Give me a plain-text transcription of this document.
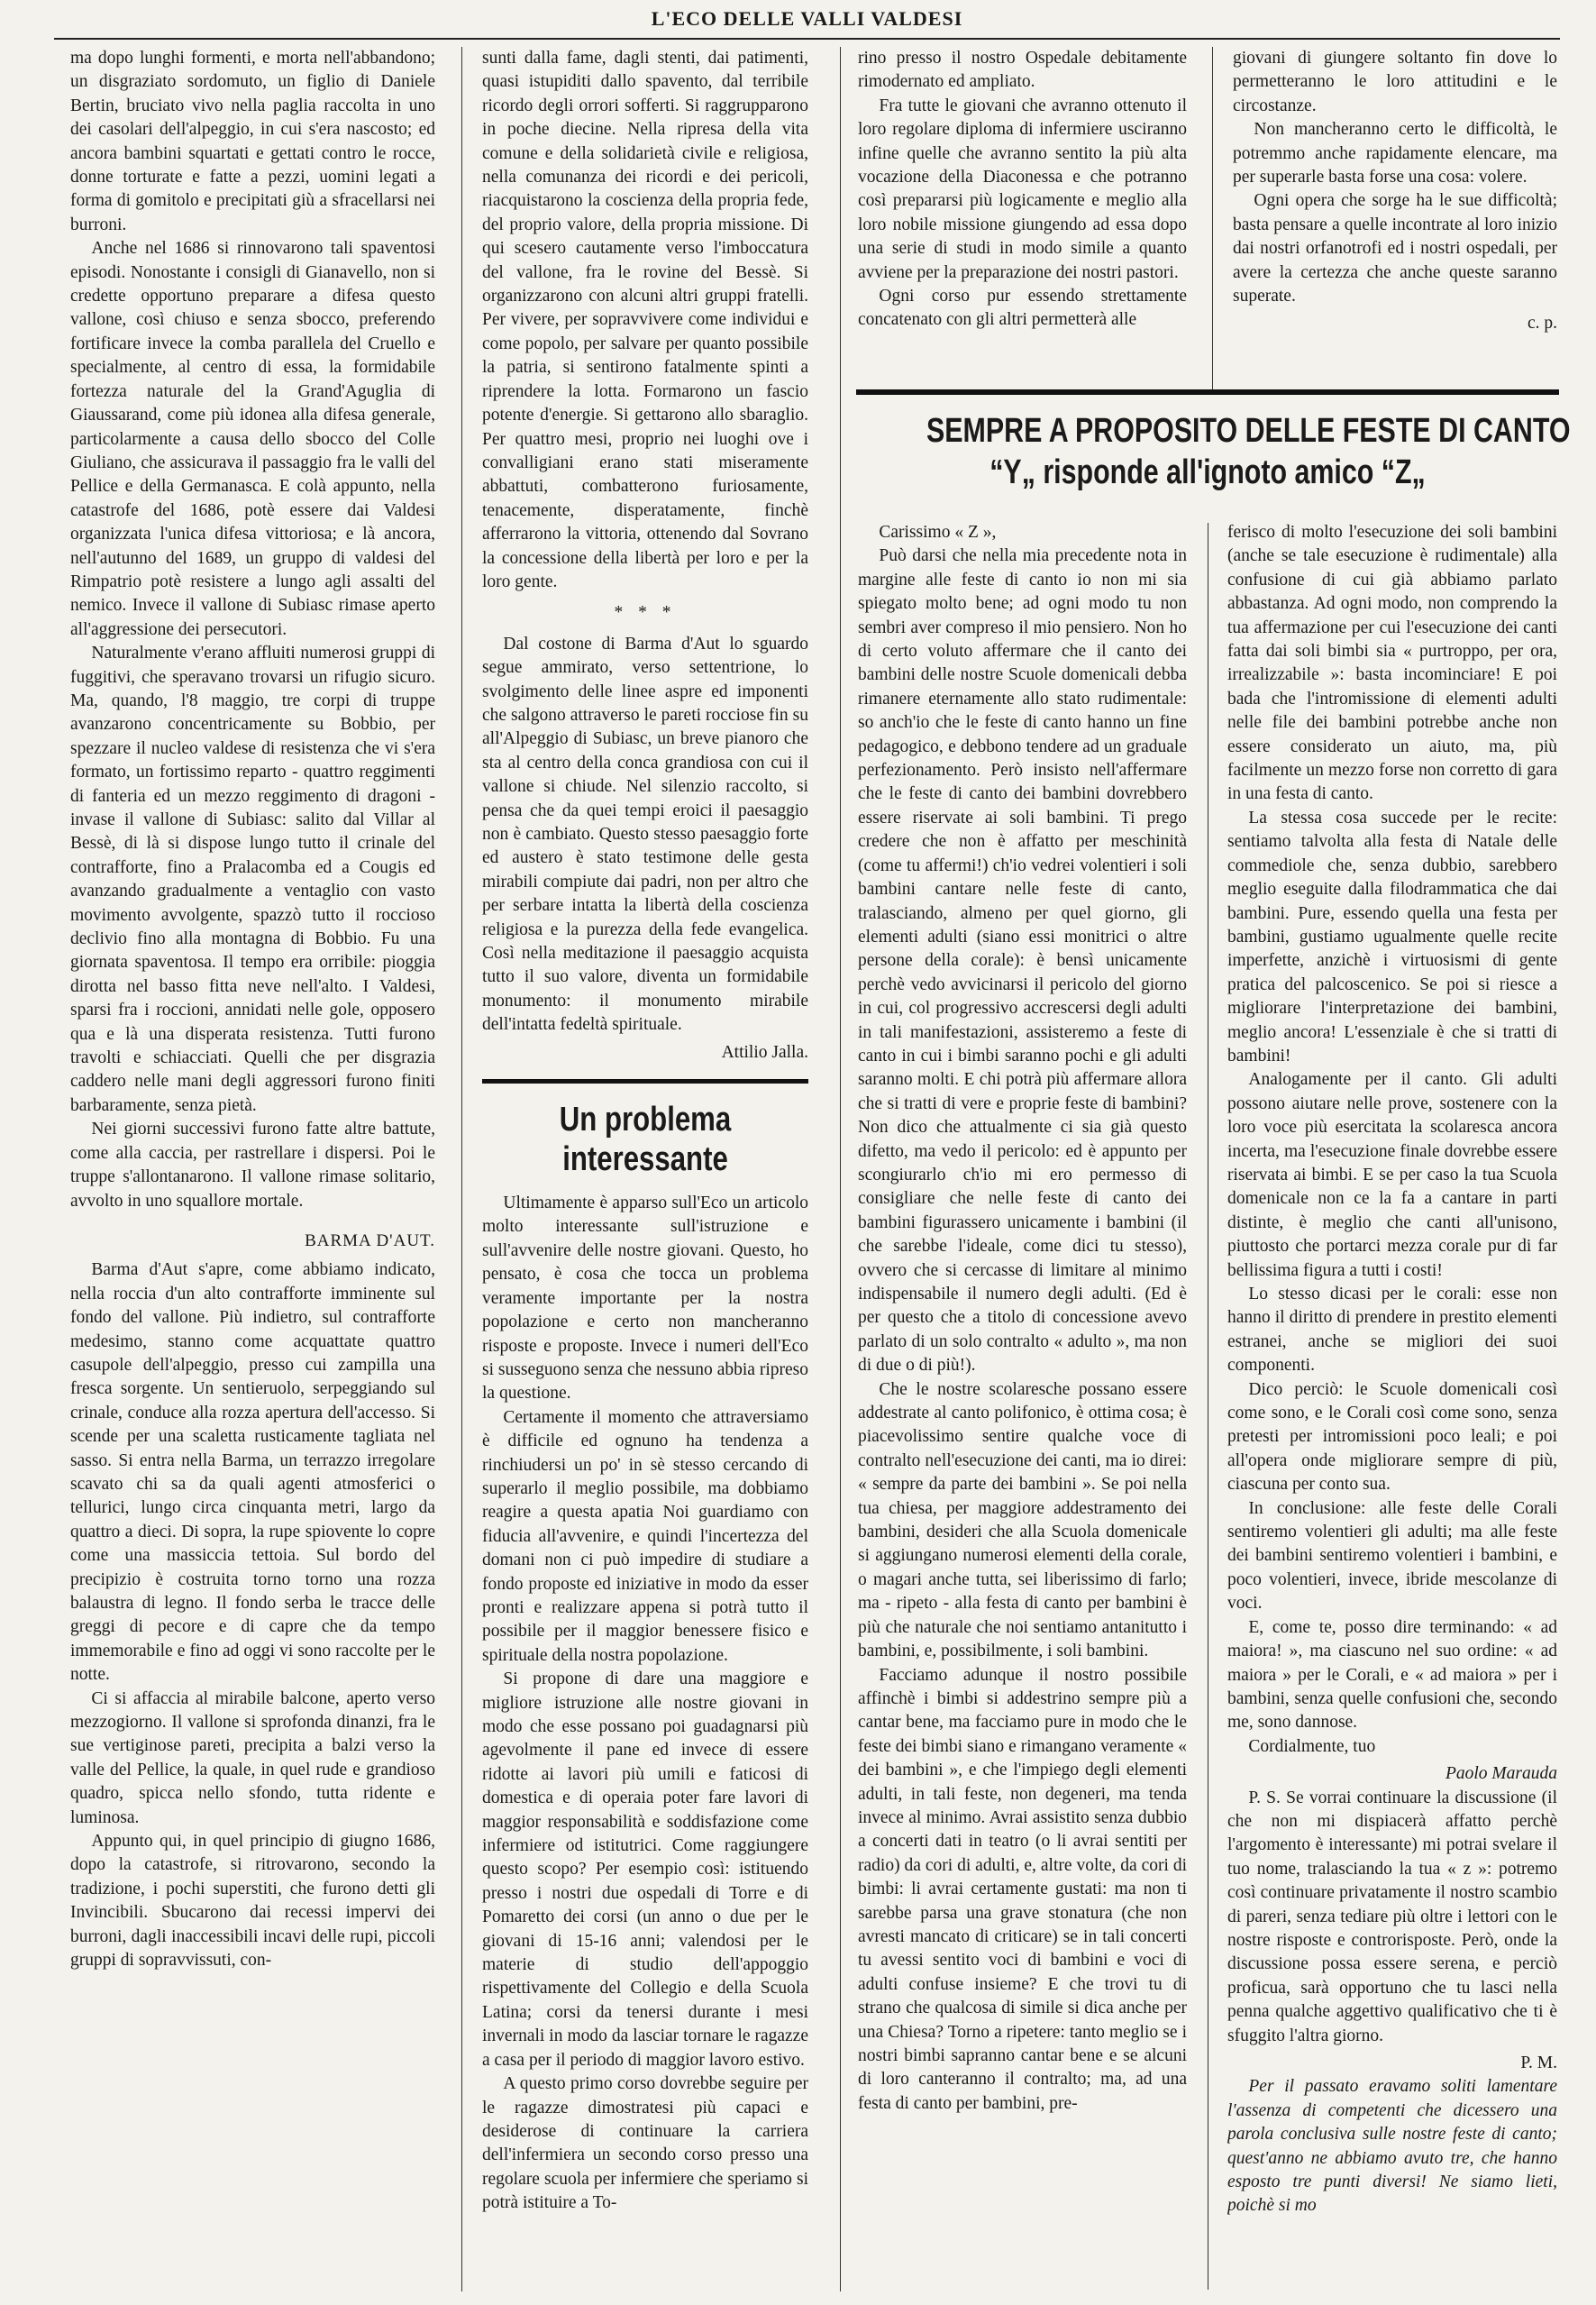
L'ECO DELLE VALLI VALDESI

ma dopo lunghi formenti, e morta nell'abbandono; un disgraziato sordomuto, un figlio di Daniele Bertin, bruciato vivo nella paglia raccolta in uno dei casolari dell'alpeggio, in cui s'era nascosto; ed ancora bambini squartati e gettati contro le rocce, donne torturate e fatte a pezzi, uomini legati a forma di gomitolo e precipitati giù a sfracellarsi nei burroni.

Anche nel 1686 si rinnovarono tali spaventosi episodi. Nonostante i consigli di Gianavello, non si credette opportuno preparare a difesa questo vallone, così chiuso e senza sbocco, preferendo fortificare invece la comba parallela del Cruello e specialmente, al centro di essa, la formidabile fortezza naturale del la Grand'Agugliа di Giaussarand, come più idonea alla difesa generale, particolarmente a causa dello sbocco del Colle Giuliano, che assicurava il passaggio fra le valli del Pellice e della Germanasca. E colà appunto, nella catastrofe del 1686, potè essere dai Valdesi organizzata l'unica difesa vittoriosa; e là ancora, nell'autunno del 1689, un gruppo di valdesi del Rimpatrio potè resistere a lungo agli assalti del nemico. Invece il vallone di Subiasc rimase aperto all'aggressione dei persecutori.

Naturalmente v'erano affluiti numerosi gruppi di fuggitivi, che speravano trovarsi un rifugio sicuro. Ma, quando, l'8 maggio, tre corpi di truppe avanzarono concentricamente su Bobbio, per spezzare il nucleo valdese di resistenza che vi s'era formato, un fortissimo reparto - quattro reggimenti di fanteria ed un mezzo reggimento di dragoni - invase il vallone di Subiasc: salito dal Villar al Bessè, di là si dispose lungo tutto il crinale del contrafforte, fino a Pralacomba ed a Cougis ed avanzando gradualmente a ventaglio con vasto movimento avvolgente, spazzò tutto il roccioso declivio fino alla montagna di Bobbio. Fu una giornata spaventosa. Il tempo era orribile: pioggia dirotta nel basso fitta neve nell'alto. I Valdesi, sparsi fra i roccioni, annidati nelle gole, opposero qua e là una disperata resistenza. Tutti furono travolti e schiacciati. Quelli che per disgrazia caddero nelle mani degli aggressori furono finiti barbaramente, senza pietà.

Nei giorni successivi furono fatte altre battute, come alla caccia, per rastrellare i dispersi. Poi le truppe s'allontanarono. Il vallone rimase solitario, avvolto in uno squallore mortale.

BARMA D'AUT.

Barma d'Aut s'apre, come abbiamo indicato, nella roccia d'un alto contrafforte imminente sul fondo del vallone. Più indietro, sul contrafforte medesimo, stanno come acquattate quattro casupole dell'alpeggio, presso cui zampilla una fresca sorgente. Un sentieruolo, serpeggiando sul crinale, conduce alla rozza apertura dell'accesso. Si scende per una scaletta rusticamente tagliata nel sasso. Si entra nella Barma, un terrazzo irregolare scavato chi sa da quali agenti atmosferici o telluricі, lungo circa cinquanta metri, largo da quattro a dieci. Di sopra, la rupe spiovente lo copre come una massiccia tettoia. Sul bordo del precipizio è costruita torno torno una rozza balaustra di legno. Il fondo serba le tracce delle greggi di pecore e di capre che da tempo immemorabile e fino ad oggi vi sono raccolte per le notte.

Ci si affaccia al mirabile balcone, aperto verso mezzogiorno. Il vallone si sprofonda dinanzi, fra le sue vertiginose pareti, precipita a balzi verso la valle del Pellice, la quale, in quel rude e grandioso quadro, spicca nello sfondo, tutta ridente e luminosa.

Appunto qui, in quel principio di giugno 1686, dopo la catastrofe, si ritrovarono, secondo la tradizione, i pochi superstiti, che furono detti gli Invincibili. Sbucarono dai recessi impervi dei burroni, dagli inaccessibili incavi delle rupi, piccoli gruppi di sopravvissuti, con-

sunti dalla fame, dagli stenti, dai patimenti, quasi istupiditi dallo spavento, dal terribile ricordo degli orrori sofferti. Si raggrupparono in poche diecine. Nella ripresa della vita comune e della solidarietà civile e religiosa, nella comunanza dei ricordi e dei pericoli, riacquistarono la coscienza della propria fede, del proprio valore, della propria missione. Di qui scesero cautamente verso l'imboccatura del vallone, fra le rovine del Bessè. Si organizzarono con alcuni altri gruppi fratelli. Per vivere, per sopravvivere come individui e come popolo, per salvare per quanto possibile la patria, si sentirono fatalmente spinti a riprendere la lotta. Formarono un fascio potente d'energie. Si gettarono allo sbaraglio. Per quattro mesi, proprio nei luoghi ove i convalligiani erano stati miseramente abbattuti, combatterono furiosamente, tenacemente, disperatamente, finchè afferrarono la vittoria, ottenendo dal Sovrano la concessione della libertà per loro e per la loro gente.

* * *

Dal costone di Barma d'Aut lo sguardo segue ammirato, verso settentrione, lo svolgimento delle linee aspre ed imponenti che salgono attraverso le pareti rocciose fin su all'Alpeggio di Subiasc, un breve pianoro che sta al centro della conca grandiosa con cui il vallone si chiude. Nel silenzio raccolto, si pensa che da quei tempi eroici il paesaggio non è cambiato. Questo stesso paesaggio forte ed austero è stato testimone delle gesta mirabili compiute dai padri, non per altro che per serbare intatta la libertà della coscienza religiosa e la purezza della fede evangelica. Così nella meditazione il paesaggio acquista tutto il suo valore, diventa un formidabile monumento: il monumento mirabile dell'intatta fedeltà spirituale.

Attilio Jalla.
Un problema interessante

Ultimamente è apparso sull'Eco un articolo molto interessante sull'istruzione e sull'avvenire delle nostre giovani. Questo, ho pensato, è cosa che tocca un problema veramente importante per la nostra popolazione e certo non mancheranno risposte e proposte. Invece i numeri dell'Eco si susseguono senza che nessuno abbia ripreso la questione.

Certamente il momento che attraversiamo è difficile ed ognuno ha tendenza a rinchiudersi un po' in sè stesso cercando di superarlo il meglio possibile, ma dobbiamo reagire a questa apatia Noi guardiamo con fiducia all'avvenire, e quindi l'incertezza del domani non ci può impedire di studiare a fondo proposte ed iniziative in modo da esser pronti e realizzare appena si potrà tutto il possibile per il maggior benessere fisico e spirituale della nostra popolazione.

Si propone di dare una maggiore e migliore istruzione alle nostre giovani in modo che esse possano poi guadagnarsi più agevolmente il pane ed invece di essere ridotte ai lavori più umili e faticosi di domestica e di operaia poter fare lavori di maggior responsabilità e soddisfazione come infermiere od istitutrici. Come raggiungere questo scopo? Per esempio così: istituendo presso i nostri due ospedali di Torre e di Pomaretto dei corsi (un anno o due per le giovani di 15-16 anni; valendosi per le materie di studio dell'appoggio rispettivamente del Collegio e della Scuola Latina; corsi da tenersi durante i mesi invernali in modo da lasciar tornare le ragazze a casa per il periodo di maggior lavoro estivo.

A questo primo corso dovrebbe seguire per le ragazze dimostratesi più capaci e desiderose di continuare la carriera dell'infermiera un secondo corso presso una regolare scuola per infermiere che speriamo si potrà istituire a To-

rino presso il nostro Ospedale debitamente rimodernato ed ampliato.

Fra tutte le giovani che avranno ottenuto il loro regolare diploma di infermiere usciranno infine quelle che avranno sentito la più alta vocazione della Diaconessa e che potranno così prepararsi più logicamente e meglio alla loro nobile missione giungendo ad essa dopo una serie di studi in modo simile a quanto avviene per la preparazione dei nostri pastori.

Ogni corso pur essendo strettamente concatenato con gli altri permetterà alle

giovani di giungere soltanto fin dove lo permetteranno le loro attitudini e le circostanze.

Non mancheranno certo le difficoltà, le potremmo anche rapidamente elencare, ma per superarle basta forse una cosa: volere.

Ogni opera che sorge ha le sue difficoltà; basta pensare a quelle incontrate al loro inizio dai nostri orfanotrofi ed i nostri ospedali, per avere la certezza che anche queste saranno superate.

c. p.
SEMPRE A PROPOSITO DELLE FESTE DI CANTO
“Y„ risponde all'ignoto amico “Z„

Carissimo « Z »,

Può darsi che nella mia precedente nota in margine alle feste di canto io non mi sia spiegato molto bene; ad ogni modo tu non sembri aver compreso il mio pensiero. Non ho di certo voluto affermare che il canto dei bambini delle nostre Scuole domenicali debba rimanere eternamente allo stato rudimentale: so anch'io che le feste di canto hanno un fine pedagogico, e debbono tendere ad un graduale perfezionamento. Però insisto nell'affermare che le feste di canto dei bambini dovrebbero essere riservate ai soli bambini. Ti prego credere che non è affatto per meschinità (come tu affermi!) ch'io vedrei volentieri i soli bambini cantare nelle feste di canto, tralasciando, almeno per quel giorno, gli elementi adulti (siano essi monitrici o altre persone della corale): è bensì unicamente perchè vedo avvicinarsi il pericolo del giorno in cui, col progressivo accrescersi degli adulti in tali manifestazioni, assisteremo a feste di canto in cui i bimbi saranno pochi e gli adulti saranno molti. E chi potrà più affermare allora che si tratti di vere e proprie feste di bambini? Non dico che attualmente ci sia già questo difetto, ma vedo il pericolo: ed è appunto per scongiurarlo ch'io mi ero permesso di consigliare che nelle feste di canto dei bambini figurassero unicamente i bambini (il che sarebbe l'ideale, come dici tu stesso), ovvero che si cercasse di limitare al minimo indispensabile il numero degli adulti. (Ed è per questo che a titolo di concessione avevo parlato di un solo contralto « adulto », ma non di due o di più!).

Che le nostre scolaresche possano essere addestrate al canto polifonico, è ottima cosa; è piacevolissimo sentire qualche voce di contralto nell'esecuzione dei canti, ma io direi: « sempre da parte dei bambini ». Se poi nella tua chiesa, per maggiore addestramento dei bambini, desideri che alla Scuola domenicale si aggiungano numerosi elementi della corale, o magari anche tutta, sei liberissimo di farlo; ma - ripeto - alla festa di canto per bambini è più che naturale che noi sentiamo antanitutto i bambini, e, possibilmente, i soli bambini.

Facciamo adunque il nostro possibile affinchè i bimbi si addestrino sempre più a cantar bene, ma facciamo pure in modo che le feste dei bimbi siano e rimangano veramente « dei bambini », e che l'impiego degli elementi adulti, in tali feste, non degeneri, ma tenda invece al minimo. Avrai assistito senza dubbio a concerti dati in teatro (o li avrai sentiti per radio) da cori di adulti, e, altre volte, da cori di bimbi: li avrai certamente gustati: ma non ti sarebbe parsa una grave stonatura (che non avresti mancato di criticare) se in tali concerti tu avessi sentito voci di bambini e voci di adulti confuse insieme? E che trovi tu di strano che qualcosa di simile si dica anche per una Chiesa? Torno a ripetere: tanto meglio se i nostri bimbi sapranno cantar bene e se alcuni di loro canteranno il contralto; ma, ad una festa di canto per bambini, pre-

ferisco di molto l'esecuzione dei soli bambini (anche se tale esecuzione è rudimentale) alla confusione di cui già abbiamo parlato abbastanza. Ad ogni modo, non comprendo la tua affermazione per cui l'esecuzione dei canti fatta dai soli bimbi sia « purtroppo, per ora, irrealizzabile »: basta incominciare! E poi bada che l'intromissione di elementi adulti nelle file dei bambini potrebbe anche non essere considerato un aiuto, ma, più facilmente un mezzo forse non corretto di gara in una festa di canto.

La stessa cosa succede per le recite: sentiamo talvolta alla festa di Natale delle commediole che, senza dubbio, sarebbero meglio eseguite dalla filodrammatica che dai bambini. Pure, essendo quella una festa per bambini, gustiamo ugualmente quelle recite imperfette, anzichè i virtuosismi di gente pratica del palcoscenico. Se poi si riesce a migliorare l'interpretazione dei bambini, meglio ancora! L'essenziale è che si tratti di bambini!

Analogamente per il canto. Gli adulti possono aiutare nelle prove, sostenere con la loro voce più esercitata la scolaresca ancora incerta, ma l'esecuzione finale dovrebbe essere riservata ai bimbi. E se per caso la tua Scuola domenicale non ce la fa a cantare in parti distinte, è meglio che canti all'unisono, piuttosto che portarci mezza corale pur di far bellissima figura a tutti i costi!

Lo stesso dicasi per le corali: esse non hanno il diritto di prendere in prestito elementi estranei, anche se migliori dei suoi componenti.

Dico perciò: le Scuole domenicali così come sono, e le Corali così come sono, senza pretesti per intromissioni poco leali; e poi all'opera onde migliorare sempre di più, ciascuna per conto sua.

In conclusione: alle feste delle Corali sentiremo volentieri gli adulti; ma alle feste dei bambini sentiremo volentieri i bambini, e poco volentieri, invece, ibride mescolanze di voci.

E, come te, posso dire terminando: « ad maiora! », ma ciascuno nel suo ordine: « ad maiora » per le Corali, e « ad maiora » per i bambini, senza quelle confusioni che, secondo me, sono dannose.

Cordialmente, tuo

Paolo Marauda

P. S. Se vorrai continuare la discussione (il che non mi dispiacerà affatto perchè l'argomento è interessante) mi potrai svelare il tuo nome, tralasciando la tua « z »: potremo così continuare privatamente il nostro scambio di pareri, senza tediare più oltre i lettori con le nostre risposte e controrisposte. Però, onde la discussione possa essere serena, e perciò proficua, sarà opportuno che tu lasci nella penna qualche aggettivo qualificativo che ti è sfuggito l'altra giorno.

P. M.

Per il passato eravamo soliti lamentare l'assenza di competenti che dicessero una parola conclusiva sulle nostre feste di canto; quest'anno ne abbiamo avuto tre, che hanno esposto tre punti diversi! Ne siamo lieti, poichè si mo
